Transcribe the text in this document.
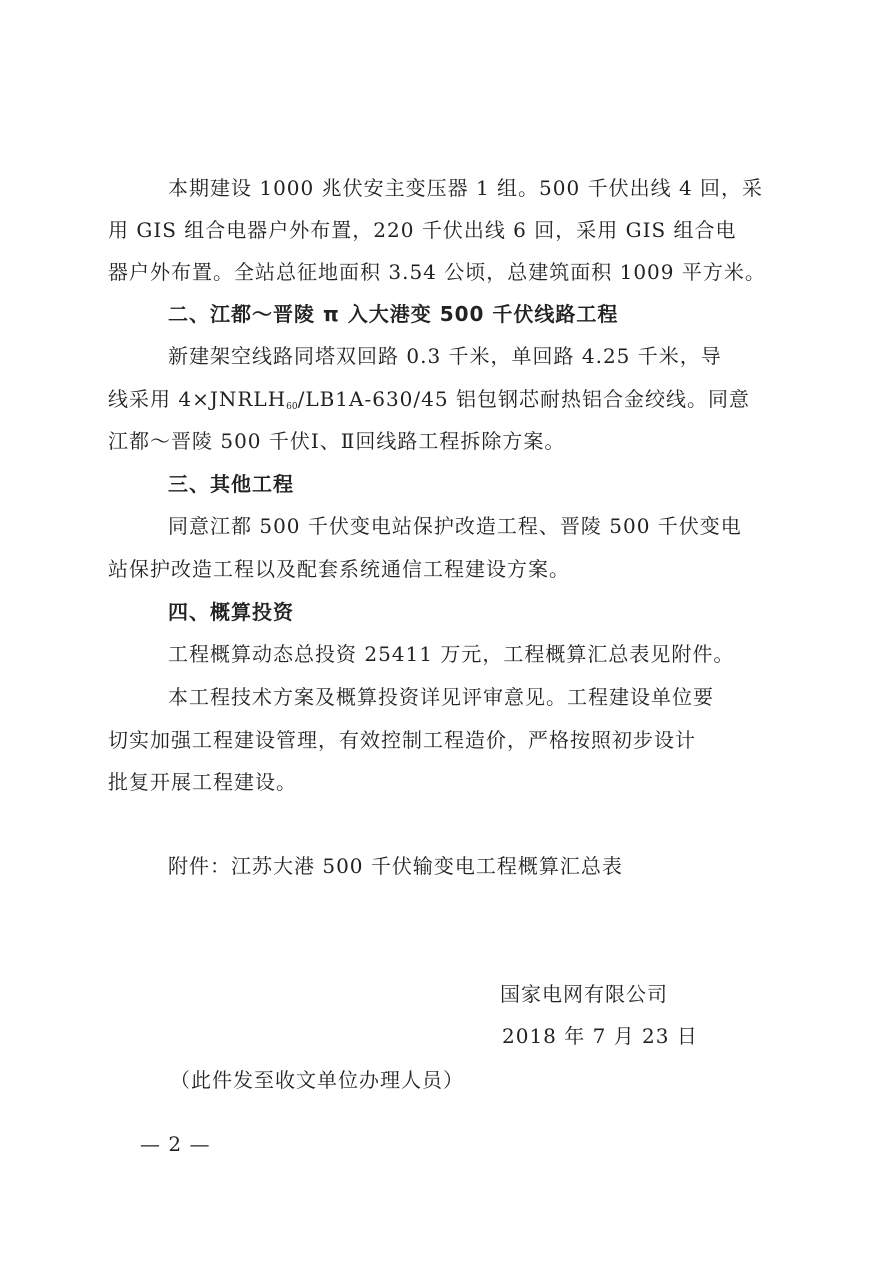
本期建设 1000 兆伏安主变压器 1 组。500 千伏出线 4 回，采
用 GIS 组合电器户外布置，220 千伏出线 6 回，采用 GIS 组合电
器户外布置。全站总征地面积 3.54 公顷，总建筑面积 1009 平方米。
二、江都～晋陵 π 入大港变 500 千伏线路工程
新建架空线路同塔双回路 0.3 千米，单回路 4.25 千米，导
线采用 $4\times JNRLH_{60}/LB1A-630/45$ 铝包钢芯耐热铝合金绞线。同意
江都～晋陵 500 千伏Ⅰ、Ⅱ回线路工程拆除方案。
三、其他工程
同意江都 500 千伏变电站保护改造工程、晋陵 500 千伏变电
站保护改造工程以及配套系统通信工程建设方案。
四、概算投资
工程概算动态总投资 25411 万元，工程概算汇总表见附件。
本工程技术方案及概算投资详见评审意见。工程建设单位要
切实加强工程建设管理，有效控制工程造价，严格按照初步设计
批复开展工程建设。
附件：江苏大港 500 千伏输变电工程概算汇总表
国家电网有限公司
2018 年 7 月 23 日
（此件发至收文单位办理人员）
— 2 —
